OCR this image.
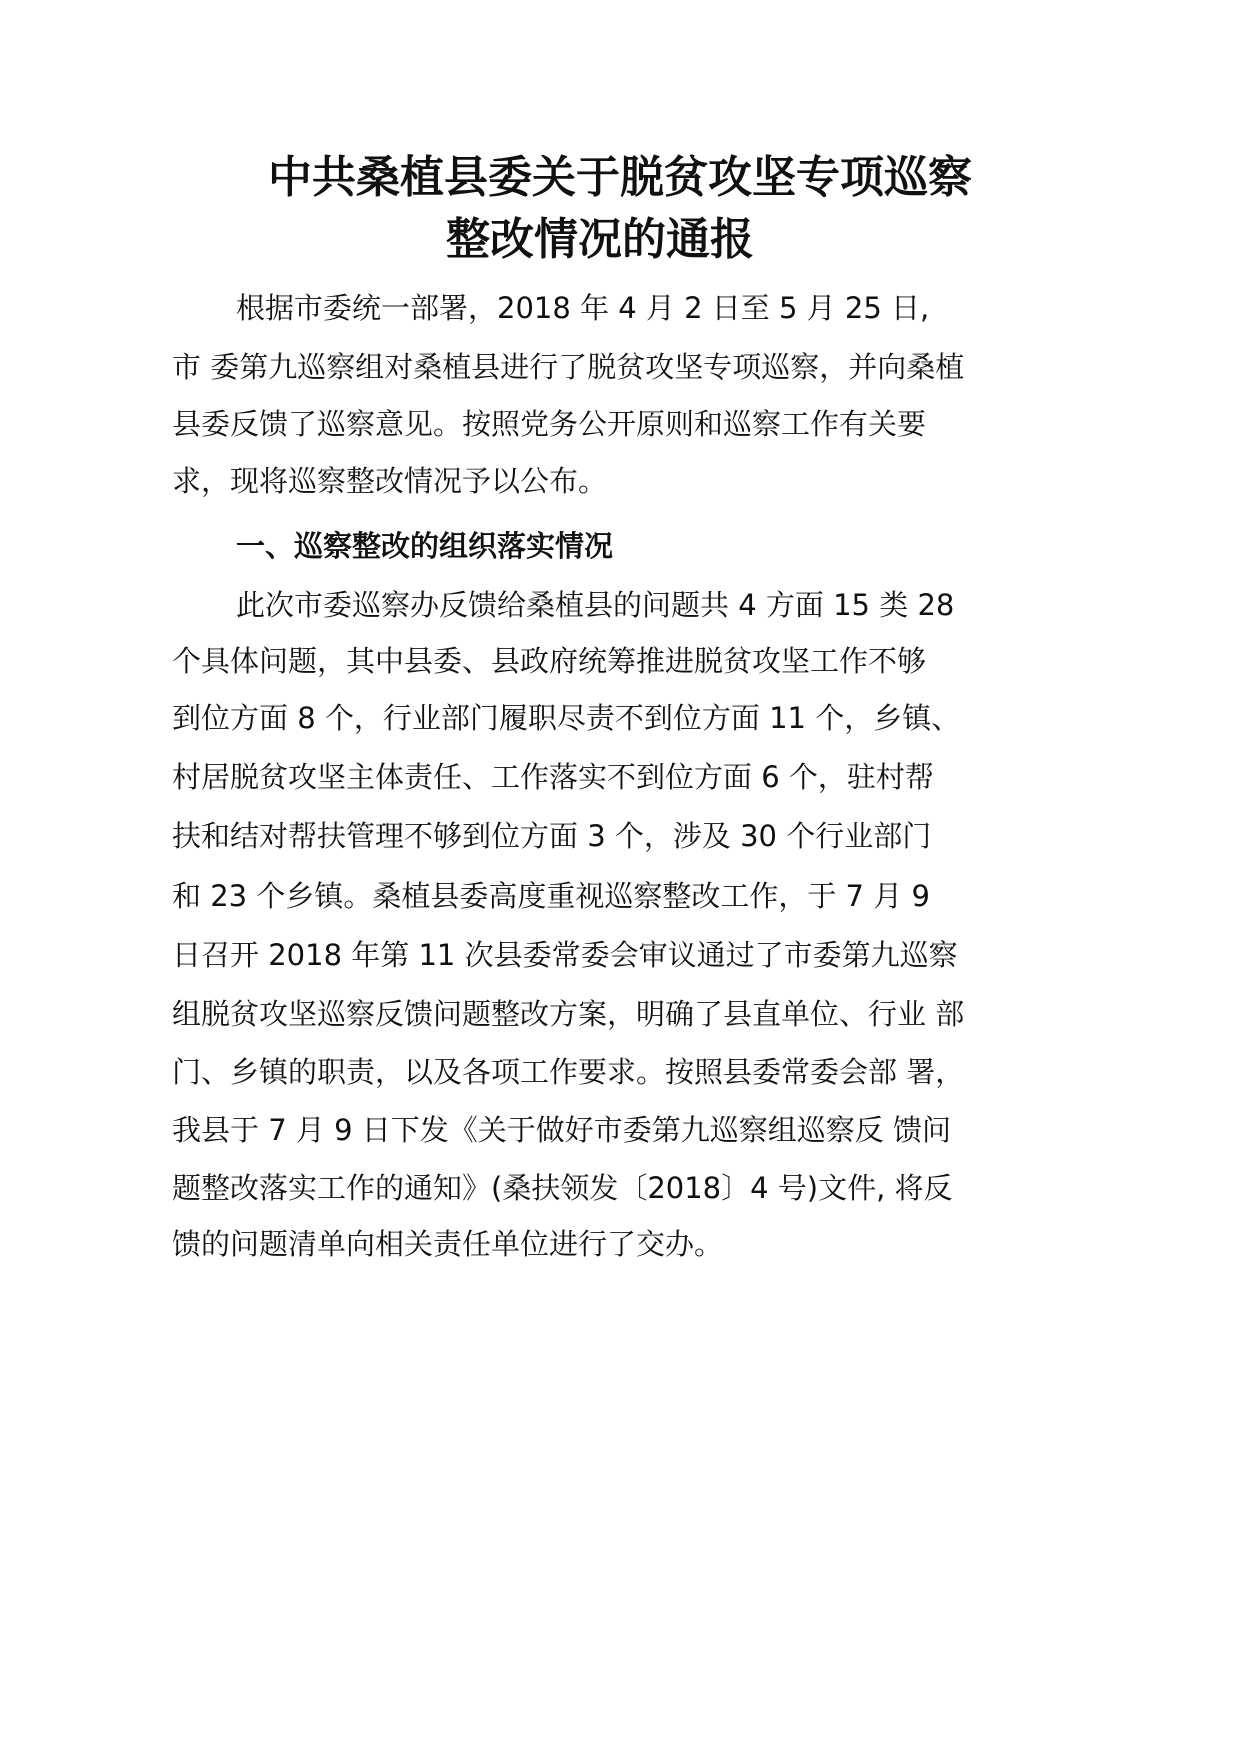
中共桑植县委关于脱贫攻坚专项巡察
整改情况的通报

根据市委统一部署，2018 年 4 月 2 日至 5 月 25 日,

市 委第九巡察组对桑植县进行了脱贫攻坚专项巡察，并向桑植

县委反馈了巡察意见。按照党务公开原则和巡察工作有关要

求，现将巡察整改情况予以公布。

一、巡察整改的组织落实情况

此次市委巡察办反馈给桑植县的问题共 4 方面 15 类 28

个具体问题，其中县委、县政府统筹推进脱贫攻坚工作不够

到位方面 8 个，行业部门履职尽责不到位方面 11 个，乡镇、

村居脱贫攻坚主体责任、工作落实不到位方面 6 个，驻村帮

扶和结对帮扶管理不够到位方面 3 个，涉及 30 个行业部门

和 23 个乡镇。桑植县委高度重视巡察整改工作，于 7 月 9

日召开 2018 年第 11 次县委常委会审议通过了市委第九巡察

组脱贫攻坚巡察反馈问题整改方案，明确了县直单位、行业 部

门、乡镇的职责，以及各项工作要求。按照县委常委会部 署，

我县于 7 月 9 日下发《关于做好市委第九巡察组巡察反 馈问

题整改落实工作的通知》(桑扶领发〔2018〕4 号)文件, 将反

馈的问题清单向相关责任单位进行了交办。
